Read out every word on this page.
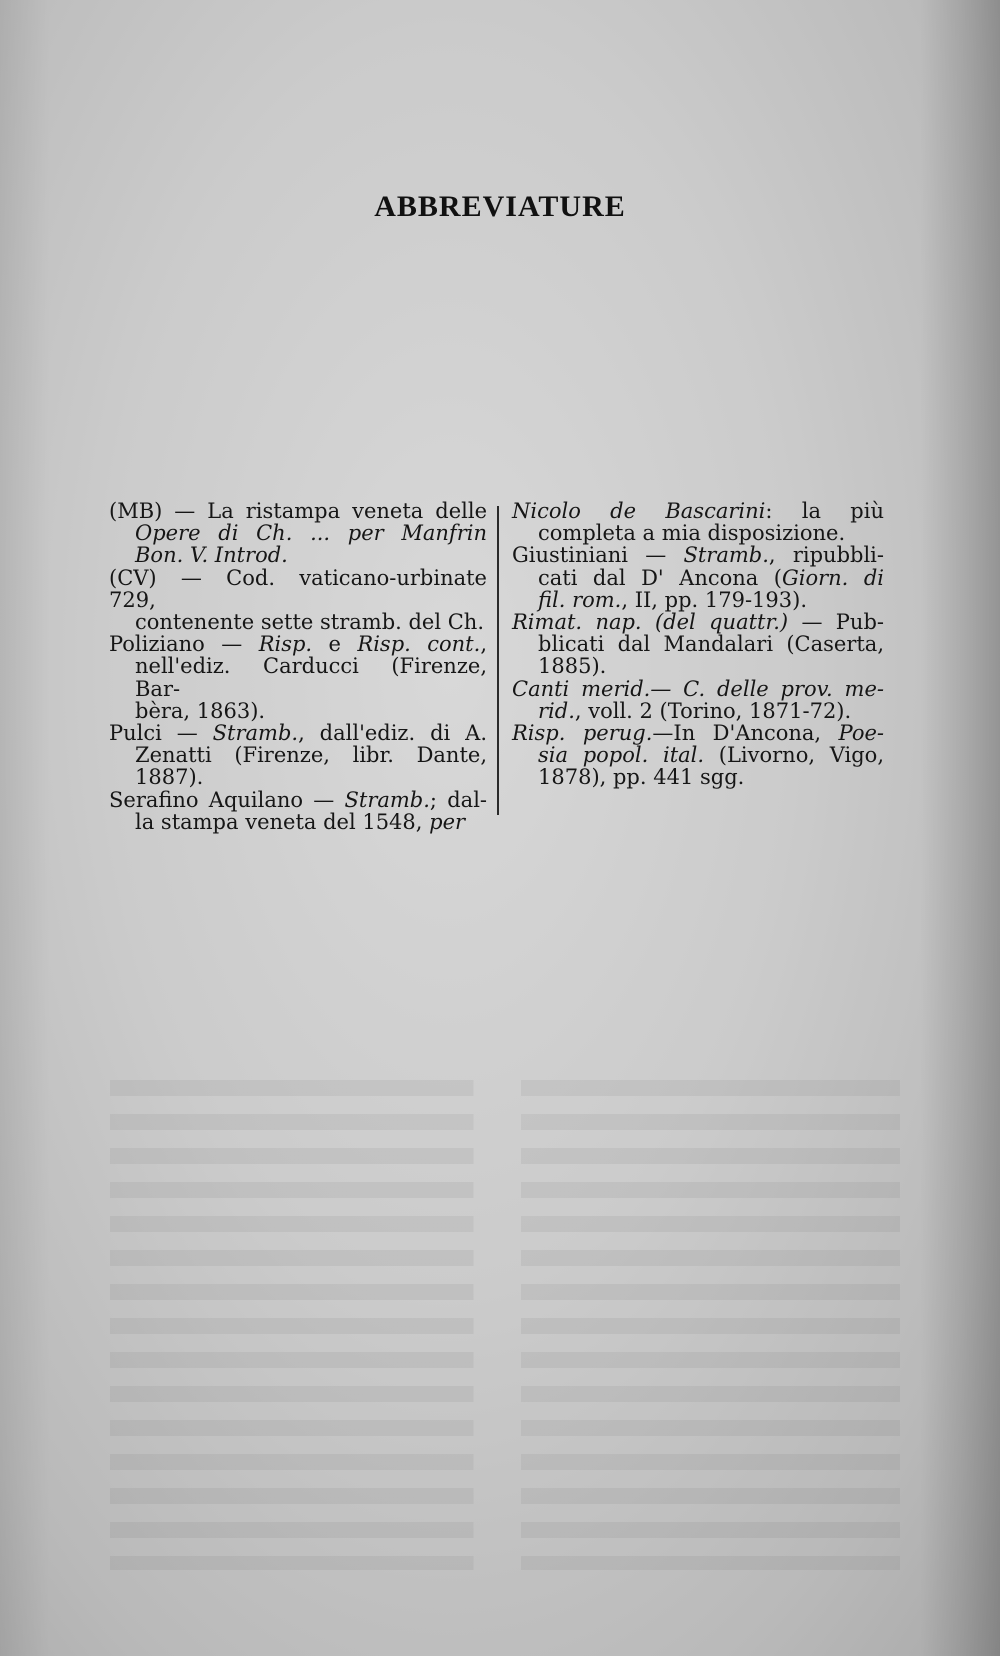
ABBREVIATURE
(MB) — La ristampa veneta delle
Opere di Ch. ... per Manfrin
Bon. V. Introd.
(CV) — Cod. vaticano-urbinate 729,
contenente sette stramb. del Ch.
Poliziano — Risp. e Risp. cont.,
nell'ediz. Carducci (Firenze, Bar-
bèra, 1863).
Pulci — Stramb., dall'ediz. di A.
Zenatti (Firenze, libr. Dante,
1887).
Serafino Aquilano — Stramb.; dal-
la stampa veneta del 1548, per
Nicolo de Bascarini: la più
completa a mia disposizione.
Giustiniani — Stramb., ripubbli-
cati dal D' Ancona (Giorn. di
fil. rom., II, pp. 179-193).
Rimat. nap. (del quattr.) — Pub-
blicati dal Mandalari (Caserta,
1885).
Canti merid.— C. delle prov. me-
rid., voll. 2 (Torino, 1871-72).
Risp. perug.—In D'Ancona, Poe-
sia popol. ital. (Livorno, Vigo,
1878), pp. 441 sgg.
